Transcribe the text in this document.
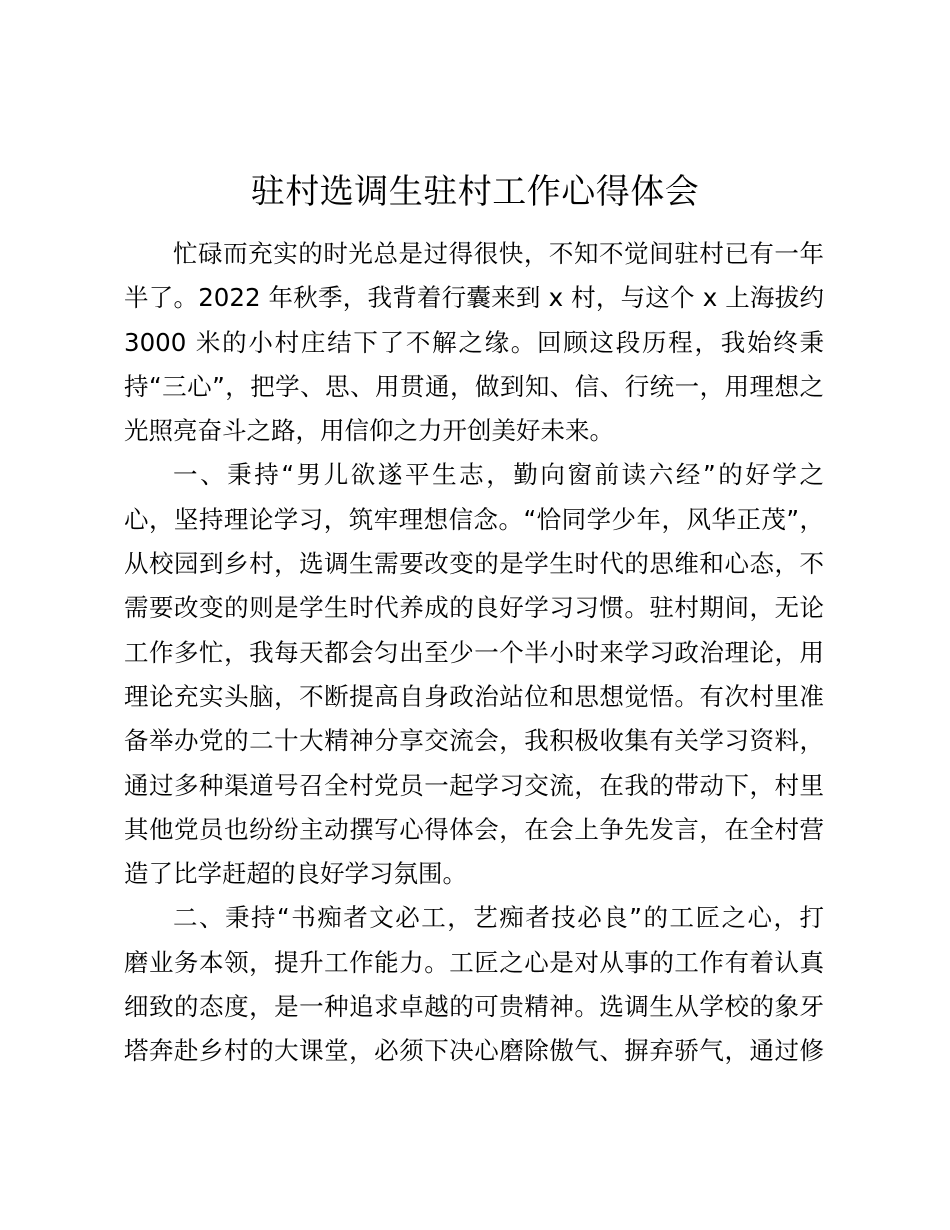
驻村选调生驻村工作心得体会
忙碌而充实的时光总是过得很快，不知不觉间驻村已有一年
半了。2022 年秋季，我背着行囊来到 x 村，与这个 x 上海拔约
3000 米的小村庄结下了不解之缘。回顾这段历程，我始终秉
持“三心”，把学、思、用贯通，做到知、信、行统一，用理想之
光照亮奋斗之路，用信仰之力开创美好未来。
一、秉持“男儿欲遂平生志，勤向窗前读六经”的好学之
心，坚持理论学习，筑牢理想信念。“恰同学少年，风华正茂”，
从校园到乡村，选调生需要改变的是学生时代的思维和心态，不
需要改变的则是学生时代养成的良好学习习惯。驻村期间，无论
工作多忙，我每天都会匀出至少一个半小时来学习政治理论，用
理论充实头脑，不断提高自身政治站位和思想觉悟。有次村里准
备举办党的二十大精神分享交流会，我积极收集有关学习资料，
通过多种渠道号召全村党员一起学习交流，在我的带动下，村里
其他党员也纷纷主动撰写心得体会，在会上争先发言，在全村营
造了比学赶超的良好学习氛围。
二、秉持“书痴者文必工，艺痴者技必良”的工匠之心，打
磨业务本领，提升工作能力。工匠之心是对从事的工作有着认真
细致的态度，是一种追求卓越的可贵精神。选调生从学校的象牙
塔奔赴乡村的大课堂，必须下决心磨除傲气、摒弃骄气，通过修
